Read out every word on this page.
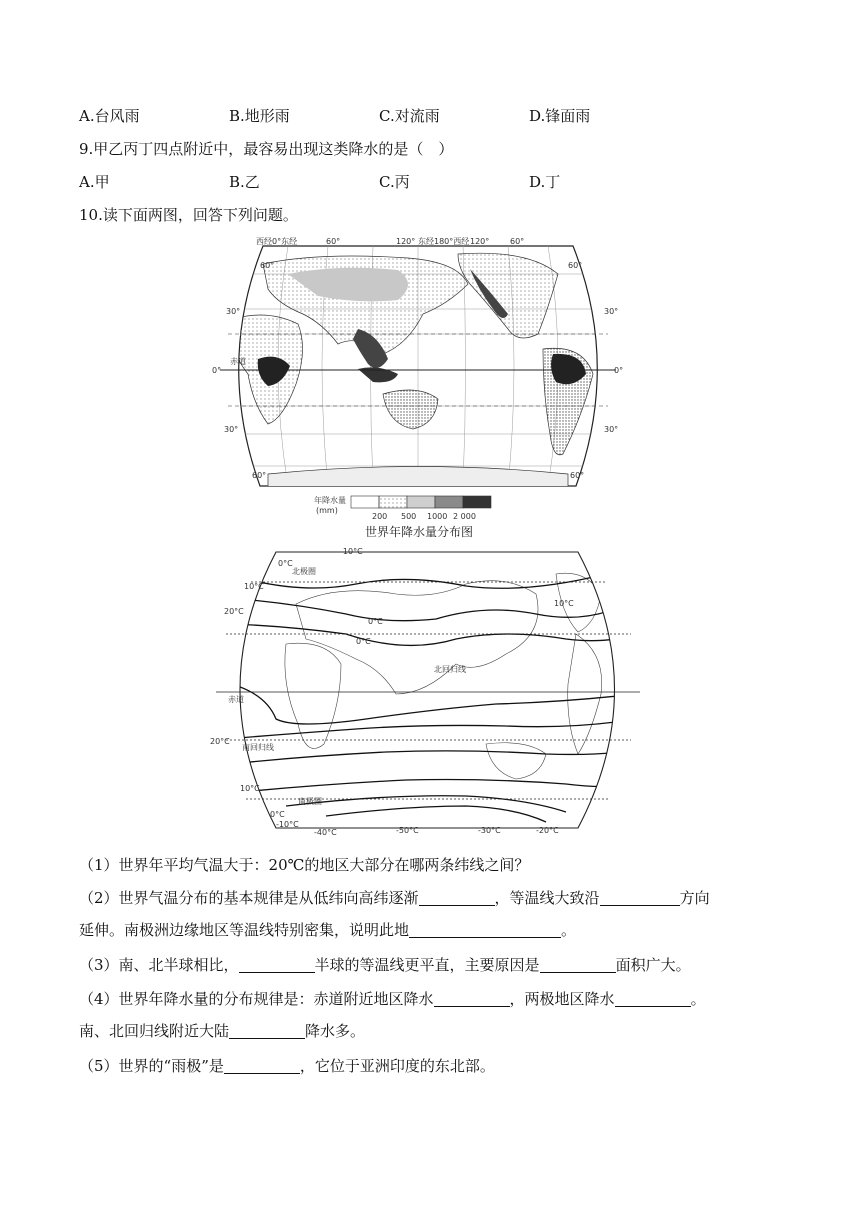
A.台风雨	B.地形雨	C.对流雨	D.锋面雨
9.甲乙丙丁四点附近中，最容易出现这类降水的是（　）
A.甲	B.乙	C.丙	D.丁
10.读下面两图，回答下列问题。
西经0°东经	60°	120° 东经180°西经 120°	60°
60°
30°
0°
30°
60°
60°
30°
0°
30°
60°
赤道
年降水量
(mm)
200 500 1000 2 000
世界年降水量分布图
0°C
-10°C
10°C
20°C
20°C
10°C
0°C
-10°C
-40°C	-50°C	-30°C	-20°C
北极圈
北回归线
赤道
南回归线
南极圈
0°C
0°C
10°C
（1）世界年平均气温大于：20℃的地区大部分在哪两条纬线之间？
（2）世界气温分布的基本规律是从低纬向高纬逐渐	，等温线大致沿	方向
延伸。南极洲边缘地区等温线特别密集，说明此地	。
（3）南、北半球相比，	半球的等温线更平直，主要原因是	面积广大。
（4）世界年降水量的分布规律是：赤道附近地区降水	，两极地区降水	。
南、北回归线附近大陆	降水多。
（5）世界的“雨极”是	，它位于亚洲印度的东北部。
